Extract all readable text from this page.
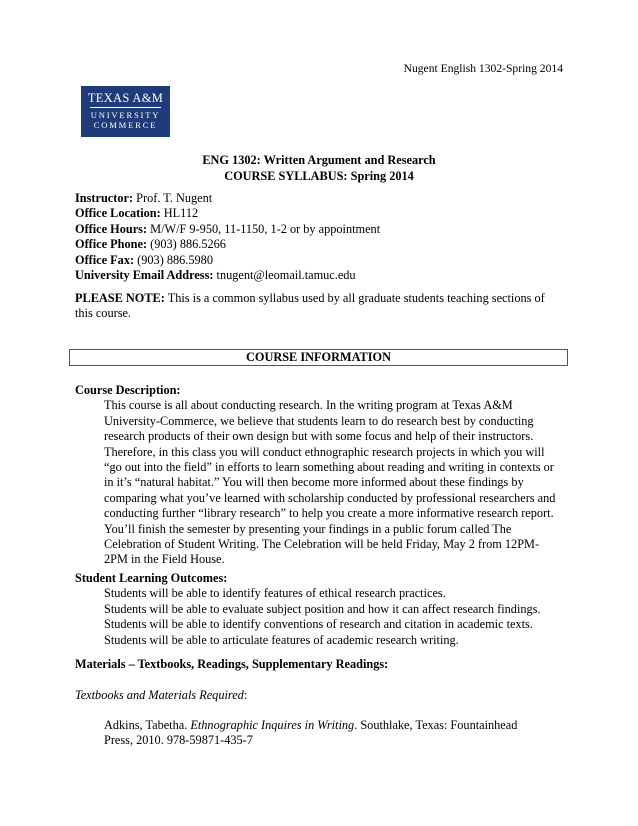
Nugent English 1302-Spring 2014
TEXAS A&M
UNIVERSITY
COMMERCE
ENG 1302: Written Argument and Research
COURSE SYLLABUS: Spring 2014
Instructor: Prof. T. Nugent
Office Location: HL112
Office Hours: M/W/F 9-950, 11-1150, 1-2 or by appointment
Office Phone: (903) 886.5266
Office Fax: (903) 886.5980
University Email Address: tnugent@leomail.tamuc.edu
PLEASE NOTE: This is a common syllabus used by all graduate students teaching sections of this course.
COURSE INFORMATION
Course Description:
This course is all about conducting research. In the writing program at Texas A&M
University-Commerce, we believe that students learn to do research best by conducting
research products of their own design but with some focus and help of their instructors.
Therefore, in this class you will conduct ethnographic research projects in which you will
“go out into the field” in efforts to learn something about reading and writing in contexts or
in it’s “natural habitat.” You will then become more informed about these findings by
comparing what you’ve learned with scholarship conducted by professional researchers and
conducting further “library research” to help you create a more informative research report.
You’ll finish the semester by presenting your findings in a public forum called The
Celebration of Student Writing. The Celebration will be held Friday, May 2 from 12PM-
2PM in the Field House.
Student Learning Outcomes:
Students will be able to identify features of ethical research practices.
Students will be able to evaluate subject position and how it can affect research findings.
Students will be able to identify conventions of research and citation in academic texts.
Students will be able to articulate features of academic research writing.
Materials – Textbooks, Readings, Supplementary Readings:
Textbooks and Materials Required:
Adkins, Tabetha. Ethnographic Inquires in Writing. Southlake, Texas: Fountainhead
Press, 2010. 978-59871-435-7
